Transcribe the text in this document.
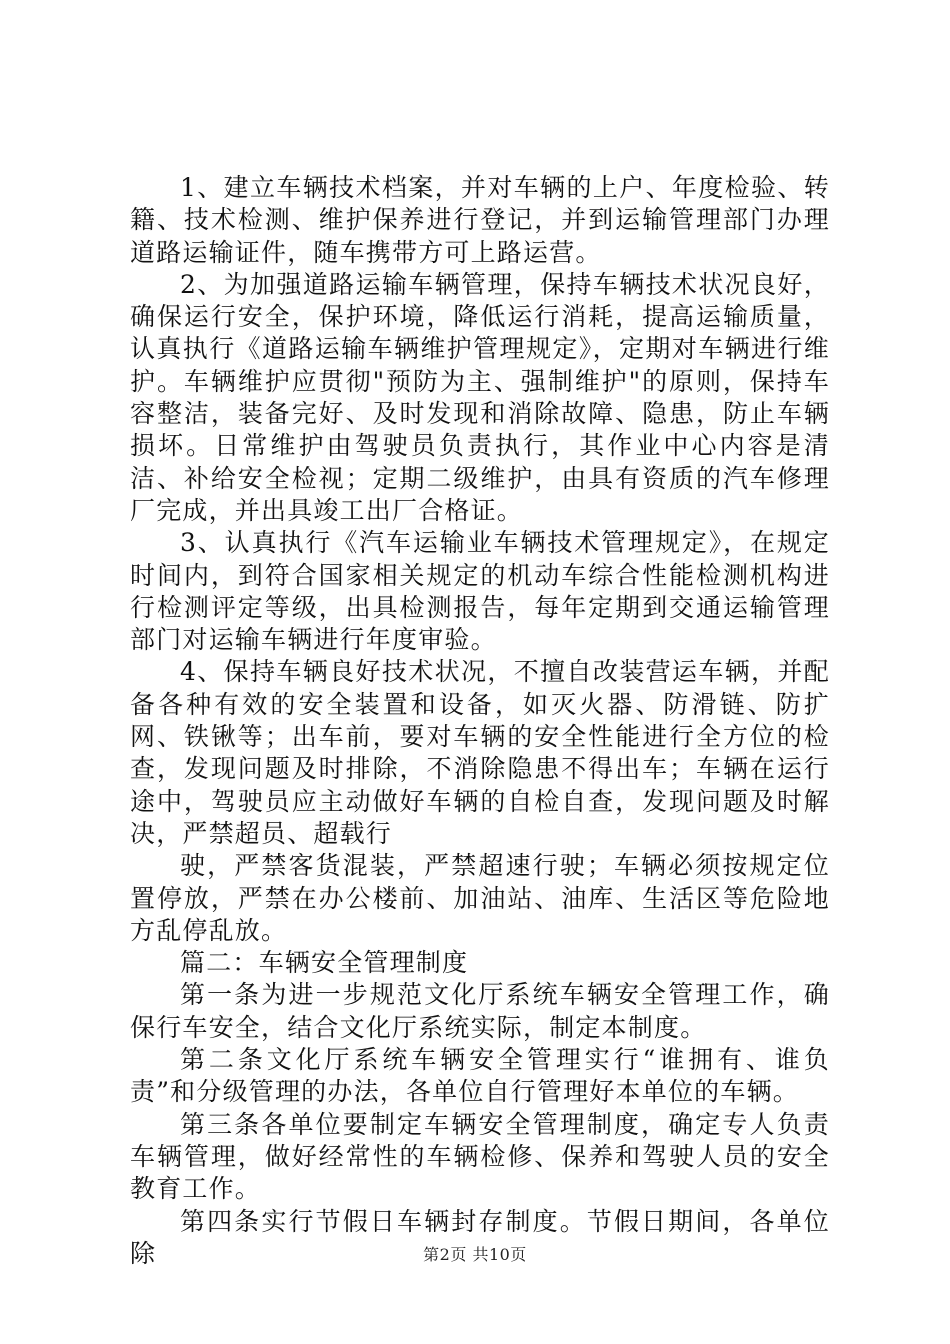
1、建立车辆技术档案，并对车辆的上户、年度检验、转籍、技术检测、维护保养进行登记，并到运输管理部门办理道路运输证件，随车携带方可上路运营。

2、为加强道路运输车辆管理，保持车辆技术状况良好，确保运行安全，保护环境，降低运行消耗，提高运输质量，认真执行《道路运输车辆维护管理规定》，定期对车辆进行维护。车辆维护应贯彻"预防为主、强制维护"的原则，保持车容整洁，装备完好、及时发现和消除故障、隐患，防止车辆损坏。日常维护由驾驶员负责执行，其作业中心内容是清洁、补给安全检视；定期二级维护，由具有资质的汽车修理厂完成，并出具竣工出厂合格证。

3、认真执行《汽车运输业车辆技术管理规定》，在规定时间内，到符合国家相关规定的机动车综合性能检测机构进行检测评定等级，出具检测报告，每年定期到交通运输管理部门对运输车辆进行年度审验。

4、保持车辆良好技术状况，不擅自改装营运车辆，并配备各种有效的安全装置和设备，如灭火器、防滑链、防扩网、铁锹等；出车前，要对车辆的安全性能进行全方位的检查，发现问题及时排除，不消除隐患不得出车；车辆在运行途中，驾驶员应主动做好车辆的自检自查，发现问题及时解决，严禁超员、超载行

驶，严禁客货混装，严禁超速行驶；车辆必须按规定位置停放，严禁在办公楼前、加油站、油库、生活区等危险地方乱停乱放。

篇二：车辆安全管理制度

第一条为进一步规范文化厅系统车辆安全管理工作，确保行车安全，结合文化厅系统实际，制定本制度。

第二条文化厅系统车辆安全管理实行“谁拥有、谁负责”和分级管理的办法，各单位自行管理好本单位的车辆。

第三条各单位要制定车辆安全管理制度，确定专人负责车辆管理，做好经常性的车辆检修、保养和驾驶人员的安全教育工作。

第四条实行节假日车辆封存制度。节假日期间，各单位除	第2页 共10页
